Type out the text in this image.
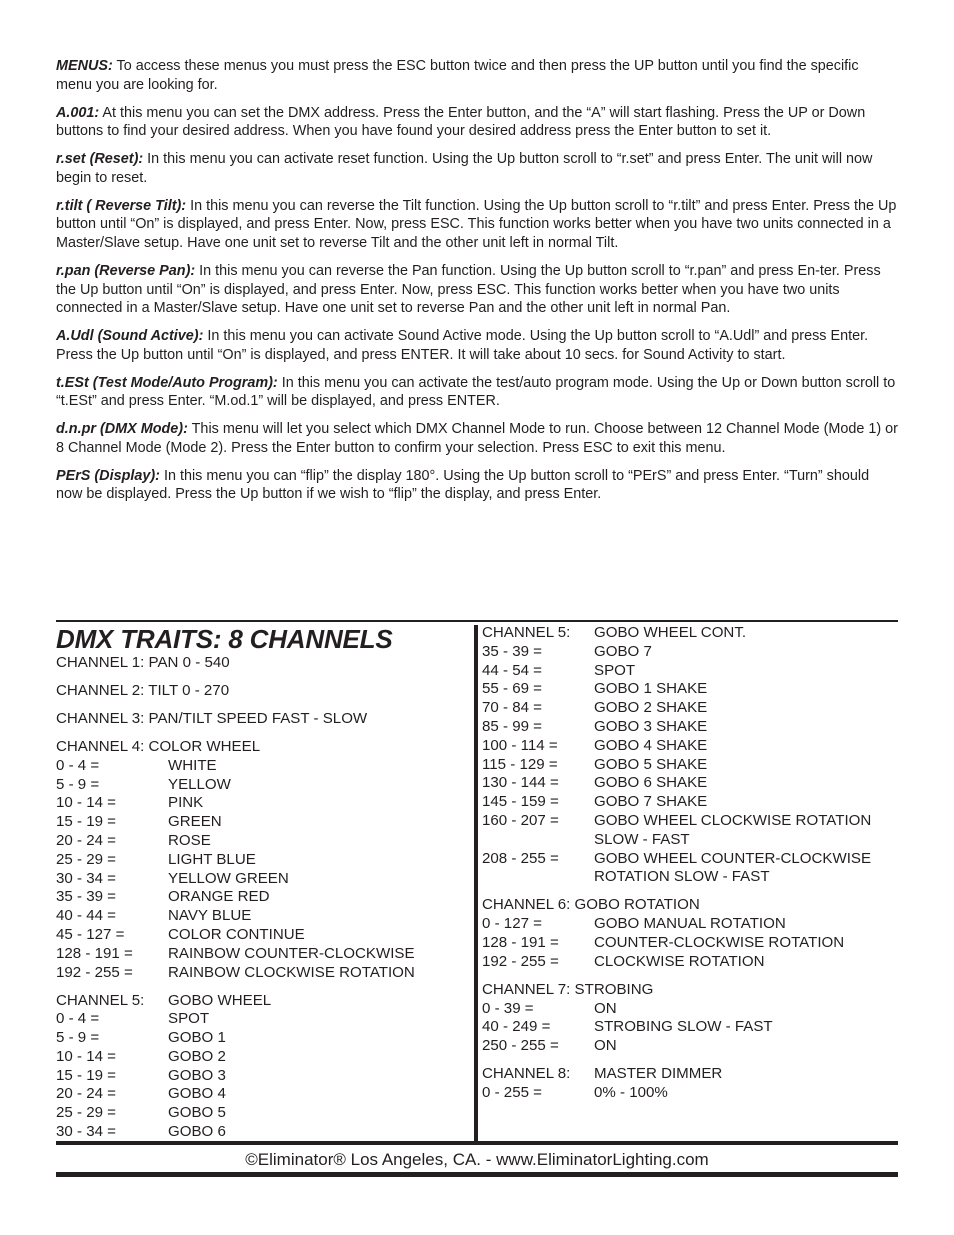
MENUS: To access these menus you must press the ESC button twice and then press the UP button until you find the specific menu you are looking for.

A.001: At this menu you can set the DMX address. Press the Enter button, and the “A” will start flashing. Press the UP or Down buttons to find your desired address. When you have found your desired address press the Enter button to set it.

r.set (Reset): In this menu you can activate reset function. Using the Up button scroll to “r.set” and press Enter. The unit will now begin to reset.

r.tilt ( Reverse Tilt): In this menu you can reverse the Tilt function. Using the Up button scroll to “r.tilt” and press Enter. Press the Up button until “On” is displayed, and press Enter. Now, press ESC. This function works better when you have two units connected in a Master/Slave setup. Have one unit set to reverse Tilt and the other unit left in normal Tilt.

r.pan (Reverse Pan): In this menu you can reverse the Pan function. Using the Up button scroll to “r.pan” and press En-ter. Press the Up button until “On” is displayed, and press Enter. Now, press ESC. This function works better when you have two units connected in a Master/Slave setup. Have one unit set to reverse Pan and the other unit left in normal Pan.

A.Udl (Sound Active): In this menu you can activate Sound Active mode. Using the Up button scroll to “A.Udl” and press Enter. Press the Up button until “On” is displayed, and press ENTER. It will take about 10 secs. for Sound Activity to start.

t.ESt (Test Mode/Auto Program): In this menu you can activate the test/auto program mode. Using the Up or Down button scroll to “t.ESt” and press Enter. “M.od.1” will be displayed, and press ENTER.

d.n.pr (DMX Mode): This menu will let you select which DMX Channel Mode to run. Choose between 12 Channel Mode (Mode 1) or 8 Channel Mode (Mode 2). Press the Enter button to confirm your selection. Press ESC to exit this menu.

PErS (Display): In this menu you can “flip” the display 180°. Using the Up button scroll to “PErS” and press Enter. “Turn” should now be displayed. Press the Up button if we wish to “flip” the display, and press Enter.

DMX TRAITS: 8 CHANNELS
CHANNEL 1: PAN 0 - 540
CHANNEL 2: TILT 0 - 270
CHANNEL 3: PAN/TILT SPEED FAST - SLOW
CHANNEL 4: COLOR WHEEL
0 - 4 =	WHITE
5 - 9 =	YELLOW
10 - 14 =	PINK
15 - 19 =	GREEN
20 - 24 =	ROSE
25 - 29 =	LIGHT BLUE
30 - 34 =	YELLOW GREEN
35 - 39 =	ORANGE RED
40 - 44 =	NAVY BLUE
45 - 127 =	COLOR CONTINUE
128 - 191 =	RAINBOW COUNTER-CLOCKWISE
192 - 255 =	RAINBOW CLOCKWISE ROTATION
CHANNEL 5:	GOBO WHEEL
0 - 4 =	SPOT
5 - 9 =	GOBO 1
10 - 14 =	GOBO 2
15 - 19 =	GOBO 3
20 - 24 =	GOBO 4
25 - 29 =	GOBO 5
30 - 34 =	GOBO 6
CHANNEL 5:	GOBO WHEEL CONT.
35 - 39 =	GOBO 7
44 - 54 =	SPOT
55 - 69 =	GOBO 1 SHAKE
70 - 84 =	GOBO 2 SHAKE
85 - 99 =	GOBO 3 SHAKE
100 - 114 =	GOBO 4 SHAKE
115 - 129 =	GOBO 5 SHAKE
130 - 144 =	GOBO 6 SHAKE
145 - 159 =	GOBO 7 SHAKE
160 - 207 =	GOBO WHEEL CLOCKWISE ROTATION SLOW - FAST
208 - 255 =	GOBO WHEEL COUNTER-CLOCKWISE ROTATION SLOW - FAST
CHANNEL 6: GOBO ROTATION
0 - 127 =	GOBO MANUAL ROTATION
128 - 191 =	COUNTER-CLOCKWISE ROTATION
192 - 255 =	CLOCKWISE ROTATION
CHANNEL 7: STROBING
0 - 39 =	ON
40 - 249 =	STROBING SLOW - FAST
250 - 255 =	ON
CHANNEL 8:	MASTER DIMMER
0 - 255 =	0% - 100%
©Eliminator® Los Angeles, CA. - www.EliminatorLighting.com
